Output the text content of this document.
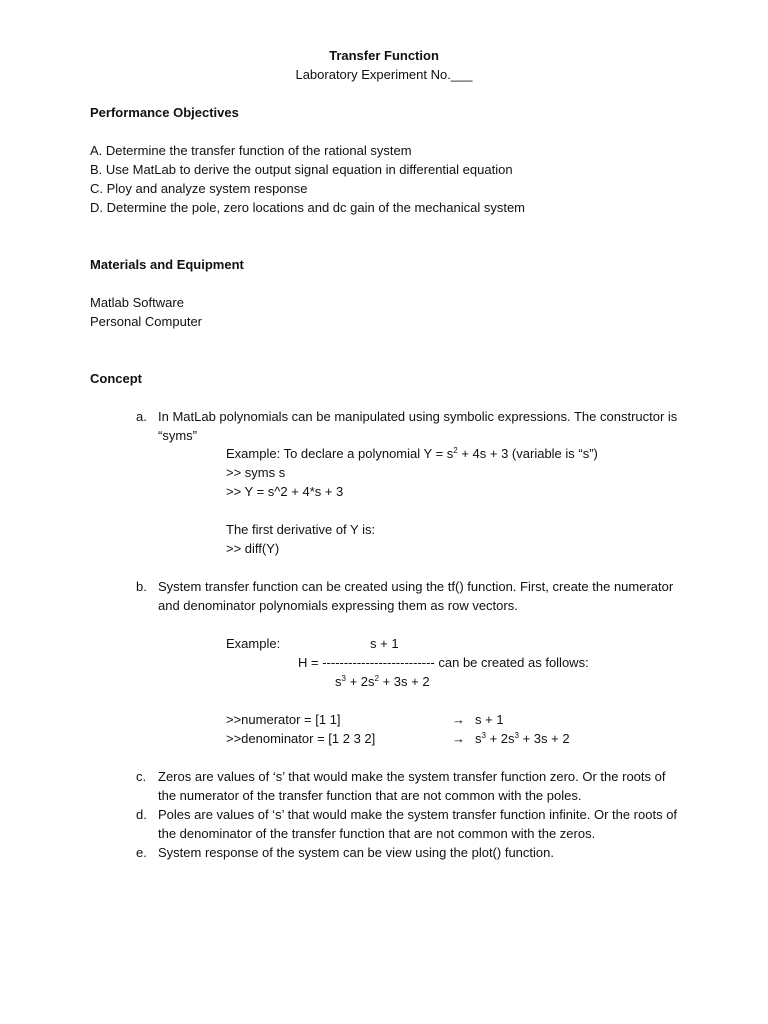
Transfer Function
Laboratory Experiment No.___
Performance Objectives
A. Determine the transfer function of the rational system
B. Use MatLab to derive the output signal equation in differential equation
C. Ploy and analyze system response
D. Determine the pole, zero locations and dc gain of the mechanical system
Materials and Equipment
Matlab Software
Personal Computer
Concept
a. In MatLab polynomials can be manipulated using symbolic expressions. The constructor is
“syms”
Example: To declare a polynomial $Y = s^2 + 4s + 3$ (variable is “s”)
>> syms s
>> Y = s^2 + 4*s + 3
The first derivative of Y is:
>> diff(Y)
b. System transfer function can be created using the tf() function. First, create the numerator
and denominator polynomials expressing them as row vectors.
Example:	s + 1
H = -------------------------- can be created as follows:
$s^3 + 2s^2 + 3s + 2$
>>numerator = [1 1]
>>denominator = [1 2 3 2]
→ s + 1
→ $s^3 + 2s^3 + 3s + 2$
c. Zeros are values of ‘s’ that would make the system transfer function zero. Or the roots of
the numerator of the transfer function that are not common with the poles.
d. Poles are values of ‘s’ that would make the system transfer function infinite. Or the roots of
the denominator of the transfer function that are not common with the zeros.
e. System response of the system can be view using the plot() function.
